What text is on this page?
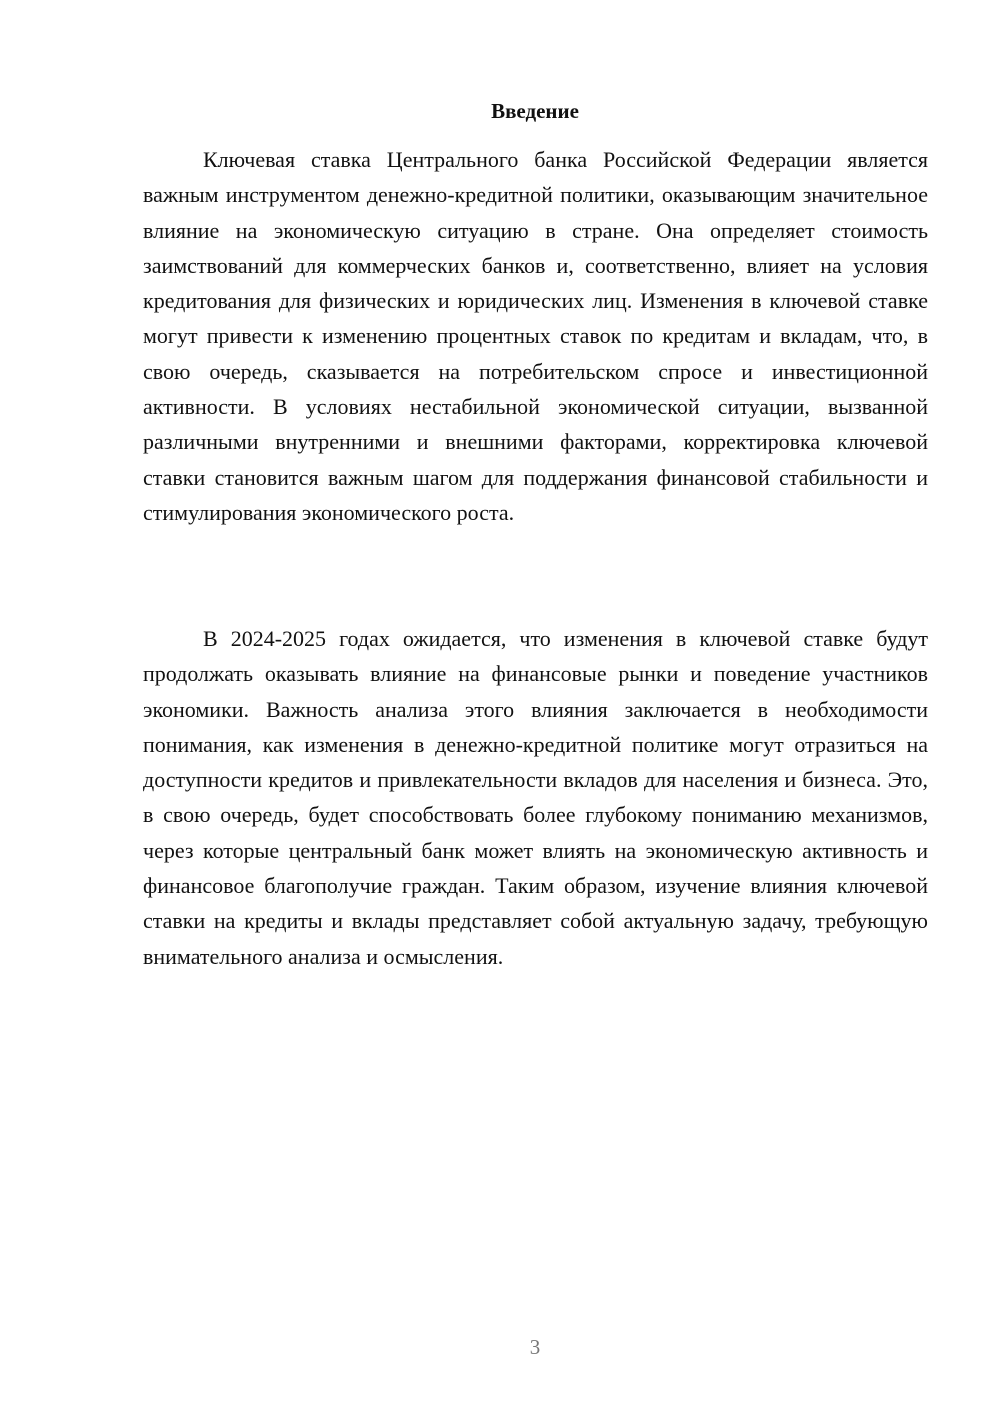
Введение

Ключевая ставка Центрального банка Российской Федерации является важным инструментом денежно-кредитной политики, оказывающим значительное влияние на экономическую ситуацию в стране. Она определяет стоимость заимствований для коммерческих банков и, соответственно, влияет на условия кредитования для физических и юридических лиц. Изменения в ключевой ставке могут привести к изменению процентных ставок по кредитам и вкладам, что, в свою очередь, сказывается на потребительском спросе и инвестиционной активности. В условиях нестабильной экономической ситуации, вызванной различными внутренними и внешними факторами, корректировка ключевой ставки становится важным шагом для поддержания финансовой стабильности и стимулирования экономического роста.

В 2024-2025 годах ожидается, что изменения в ключевой ставке будут продолжать оказывать влияние на финансовые рынки и поведение участников экономики. Важность анализа этого влияния заключается в необходимости понимания, как изменения в денежно-кредитной политике могут отразиться на доступности кредитов и привлекательности вкладов для населения и бизнеса. Это, в свою очередь, будет способствовать более глубокому пониманию механизмов, через которые центральный банк может влиять на экономическую активность и финансовое благополучие граждан. Таким образом, изучение влияния ключевой ставки на кредиты и вклады представляет собой актуальную задачу, требующую внимательного анализа и осмысления.

3
